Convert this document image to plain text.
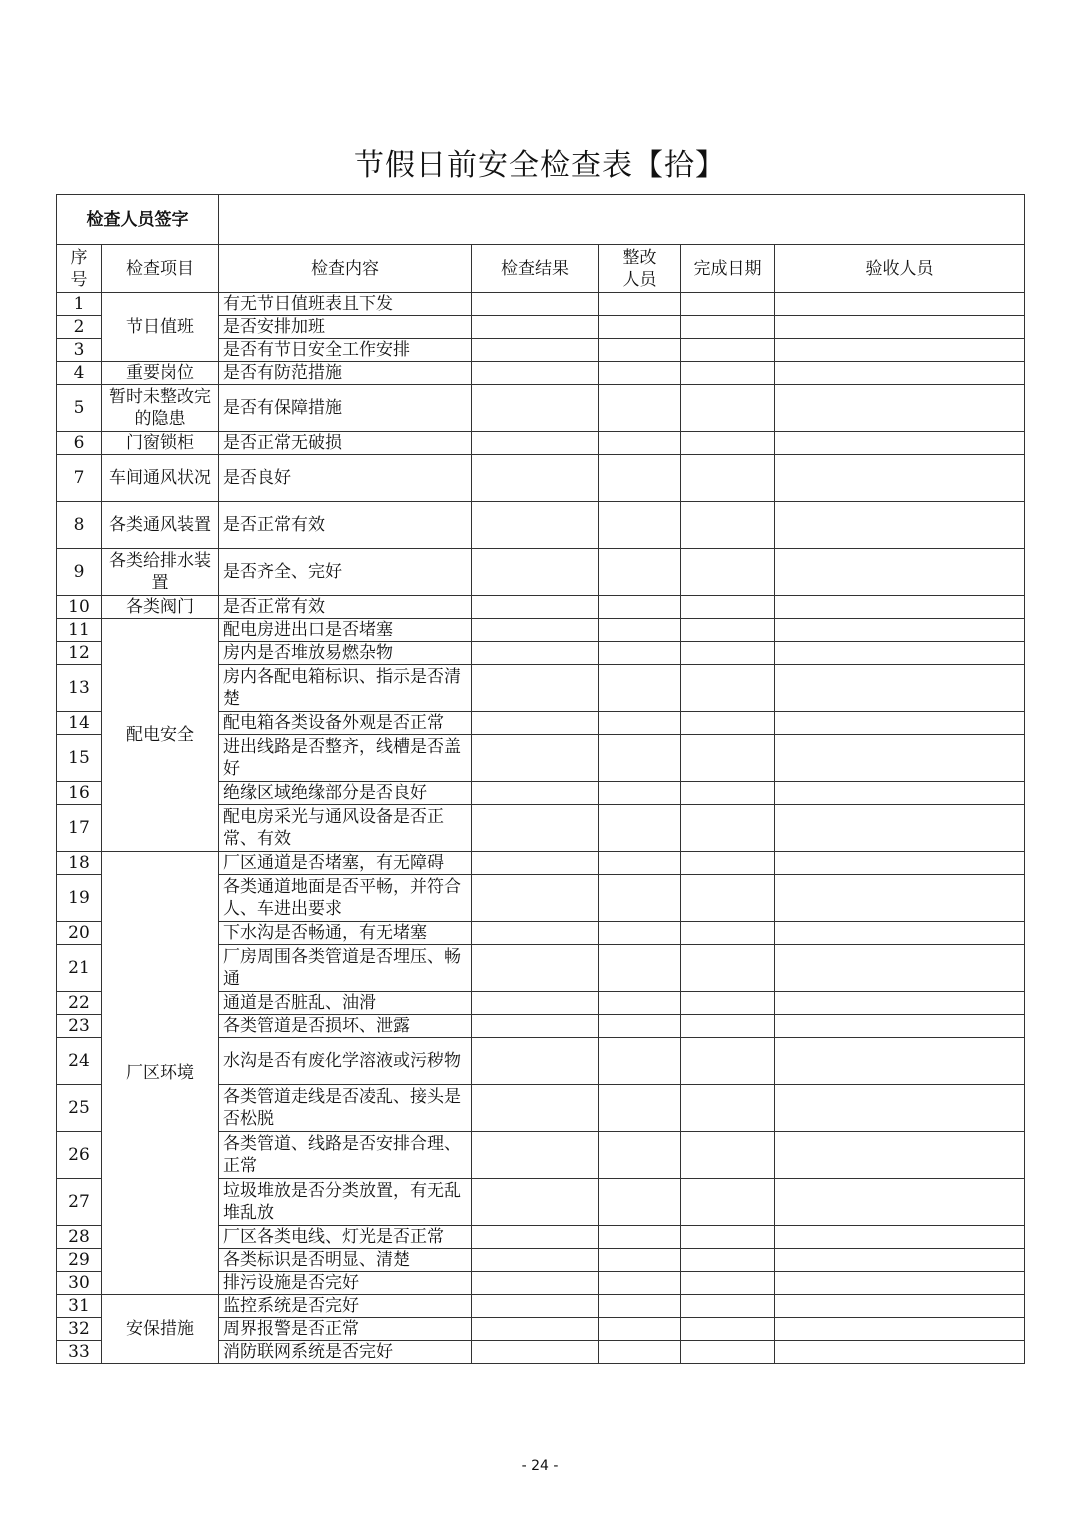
节假日前安全检查表【拾】
检查人员签字						
序号	检查项目	检查内容	检查结果	整改人员	完成日期	验收人员
1	节日值班	有无节日值班表且下发				
2		是否安排加班				
3		是否有节日安全工作安排				
4	重要岗位	是否有防范措施				
5	暂时未整改完的隐患	是否有保障措施				
6	门窗锁柜	是否正常无破损				
7	车间通风状况	是否良好				
8	各类通风装置	是否正常有效				
9	各类给排水装置	是否齐全、完好				
10	各类阀门	是否正常有效				
11	配电安全	配电房进出口是否堵塞				
12		房内是否堆放易燃杂物				
13		房内各配电箱标识、指示是否清楚				
14		配电箱各类设备外观是否正常				
15		进出线路是否整齐，线槽是否盖好				
16		绝缘区域绝缘部分是否良好				
17		配电房采光与通风设备是否正常、有效				
18	厂区环境	厂区通道是否堵塞，有无障碍				
19		各类通道地面是否平畅，并符合人、车进出要求				
20		下水沟是否畅通，有无堵塞				
21		厂房周围各类管道是否埋压、畅通				
22		通道是否脏乱、油滑				
23		各类管道是否损坏、泄露				
24		水沟是否有废化学溶液或污秽物				
25		各类管道走线是否凌乱、接头是否松脱				
26		各类管道、线路是否安排合理、正常				
27		垃圾堆放是否分类放置，有无乱堆乱放				
28		厂区各类电线、灯光是否正常				
29		各类标识是否明显、清楚				
30		排污设施是否完好				
31	安保措施	监控系统是否完好				
32		周界报警是否正常				
33		消防联网系统是否完好				
- 24 -
